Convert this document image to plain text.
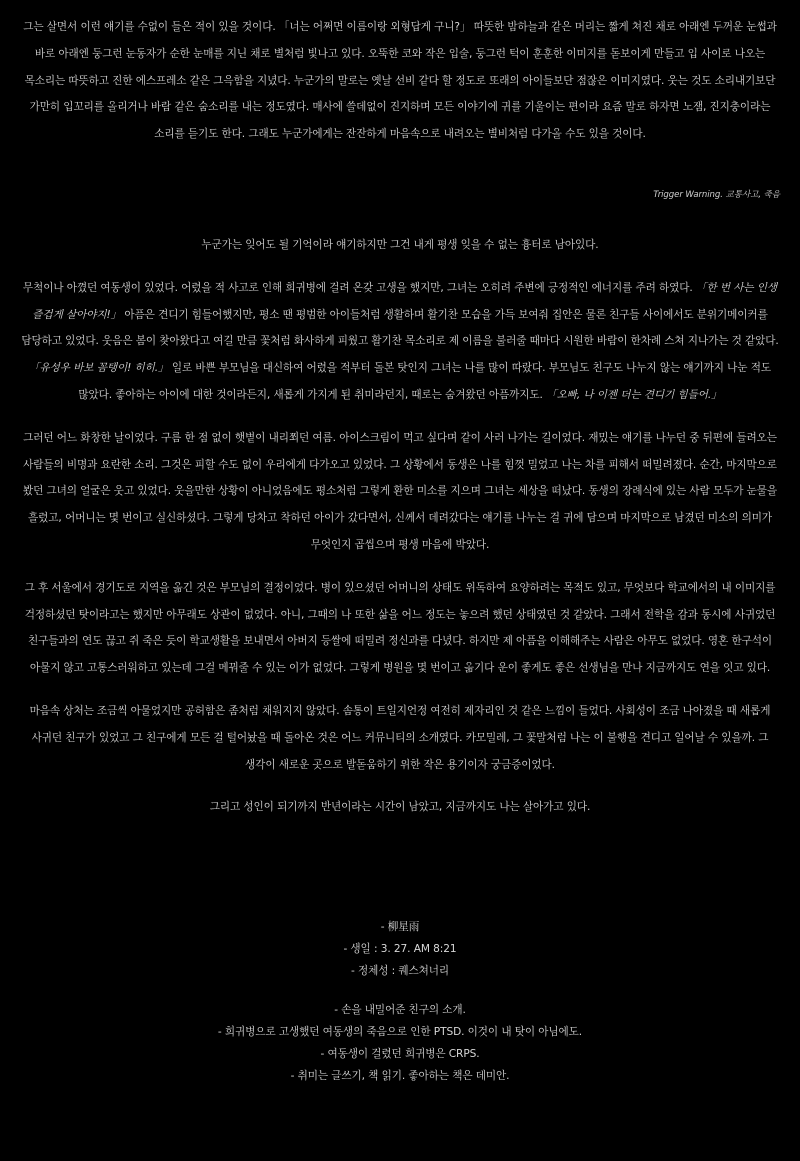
그는 살면서 이런 얘기를 수없이 들은 적이 있을 것이다. 「너는 어쩌면 이름이랑 외형답게 구니?」 따뜻한 밤하늘과 같은 머리는 짧게 쳐진 채로 아래엔 두꺼운 눈썹과 바로 아래엔 둥그런 눈동자가 순한 눈매를 지닌 채로 별처럼 빛나고 있다. 오뚝한 코와 작은 입술, 둥그런 턱이 훈훈한 이미지를 돋보이게 만들고 입 사이로 나오는 목소리는 따뜻하고 진한 에스프레소 같은 그윽함을 지녔다. 누군가의 말로는 옛날 선비 같다 할 정도로 또래의 아이들보단 점잖은 이미지였다. 웃는 것도 소리내기보단 가만히 입꼬리를 올리거나 바람 같은 숨소리를 내는 정도였다. 매사에 쓸데없이 진지하며 모든 이야기에 귀를 기울이는 편이라 요즘 말로 하자면 노잼, 진지충이라는 소리를 듣기도 한다. 그래도 누군가에게는 잔잔하게 마음속으로 내려오는 별비처럼 다가올 수도 있을 것이다.

Trigger Warning. 교통사고, 죽음

누군가는 잊어도 될 기억이라 얘기하지만 그건 내게 평생 잊을 수 없는 흉터로 남아있다.

무척이나 아꼈던 여동생이 있었다. 어렸을 적 사고로 인해 희귀병에 걸려 온갖 고생을 했지만, 그녀는 오히려 주변에 긍정적인 에너지를 주려 하였다. 「한 번 사는 인생 즐겁게 살아야지!」 아픔은 견디기 힘들어했지만, 평소 땐 평범한 아이들처럼 생활하며 활기찬 모습을 가득 보여줘 집안은 물론 친구들 사이에서도 분위기메이커를 담당하고 있었다. 웃음은 봄이 찾아왔다고 여길 만큼 꽃처럼 화사하게 피웠고 활기찬 목소리로 제 이름을 불러줄 때마다 시원한 바람이 한차례 스쳐 지나가는 것 같았다. 「유성우 바보 꼼탱이! 히히.」 일로 바쁜 부모님을 대신하여 어렸을 적부터 돌본 탓인지 그녀는 나를 많이 따랐다. 부모님도 친구도 나누지 않는 얘기까지 나눈 적도 많았다. 좋아하는 아이에 대한 것이라든지, 새롭게 가지게 된 취미라던지, 때로는 숨겨왔던 아픔까지도. 「오빠, 나 이젠 더는 견디기 힘들어.」

그러던 어느 화창한 날이었다. 구름 한 점 없이 햇볕이 내리쬐던 여름. 아이스크림이 먹고 싶다며 같이 사러 나가는 길이었다. 재밌는 얘기를 나누던 중 뒤편에 들려오는 사람들의 비명과 요란한 소리. 그것은 피할 수도 없이 우리에게 다가오고 있었다. 그 상황에서 동생은 나를 힘껏 밀었고 나는 차를 피해서 떠밀려졌다. 순간, 마지막으로 봤던 그녀의 얼굴은 웃고 있었다. 웃을만한 상황이 아니었음에도 평소처럼 그렇게 환한 미소를 지으며 그녀는 세상을 떠났다. 동생의 장례식에 있는 사람 모두가 눈물을 흘렸고, 어머니는 몇 번이고 실신하셨다. 그렇게 당차고 착하던 아이가 갔다면서, 신께서 데려갔다는 얘기를 나누는 걸 귀에 담으며 마지막으로 남겼던 미소의 의미가 무엇인지 곱씹으며 평생 마음에 박았다.

그 후 서울에서 경기도로 지역을 옮긴 것은 부모님의 결정이었다. 병이 있으셨던 어머니의 상태도 위독하여 요양하려는 목적도 있고, 무엇보다 학교에서의 내 이미지를 걱정하셨던 탓이라고는 했지만 아무래도 상관이 없었다. 아니, 그때의 나 또한 삶을 어느 정도는 놓으려 했던 상태였던 것 같았다. 그래서 전학을 감과 동시에 사귀었던 친구들과의 연도 끊고 쥐 죽은 듯이 학교생활을 보내면서 아버지 등쌀에 떠밀려 정신과를 다녔다. 하지만 제 아픔을 이해해주는 사람은 아무도 없었다. 영혼 한구석이 아물지 않고 고통스러워하고 있는데 그걸 메꿔줄 수 있는 이가 없었다. 그렇게 병원을 몇 번이고 옮기다 운이 좋게도 좋은 선생님을 만나 지금까지도 연을 잇고 있다.

마음속 상처는 조금씩 아물었지만 공허함은 좀처럼 채워지지 않았다. 솜통이 트일지언정 여전히 제자리인 것 같은 느낌이 들었다. 사회성이 조금 나아졌을 때 새롭게 사귀던 친구가 있었고 그 친구에게 모든 걸 털어놨을 때 돌아온 것은 어느 커뮤니티의 소개였다. 카모밀레, 그 꽃말처럼 나는 이 불행을 견디고 일어날 수 있을까. 그 생각이 새로운 곳으로 발돋움하기 위한 작은 용기이자 궁금증이었다.

그리고 성인이 되기까지 반년이라는 시간이 남았고, 지금까지도 나는 살아가고 있다.

- 柳星雨

- 생일 : 3. 27. AM 8:21

- 정체성 : 퀘스쳐너리

- 손을 내밀어준 친구의 소개.

- 희귀병으로 고생했던 여동생의 죽음으로 인한 PTSD. 이것이 내 탓이 아님에도.

- 여동생이 걸렸던 희귀병은 CRPS.

- 취미는 글쓰기, 책 읽기. 좋아하는 책은 데미안.
